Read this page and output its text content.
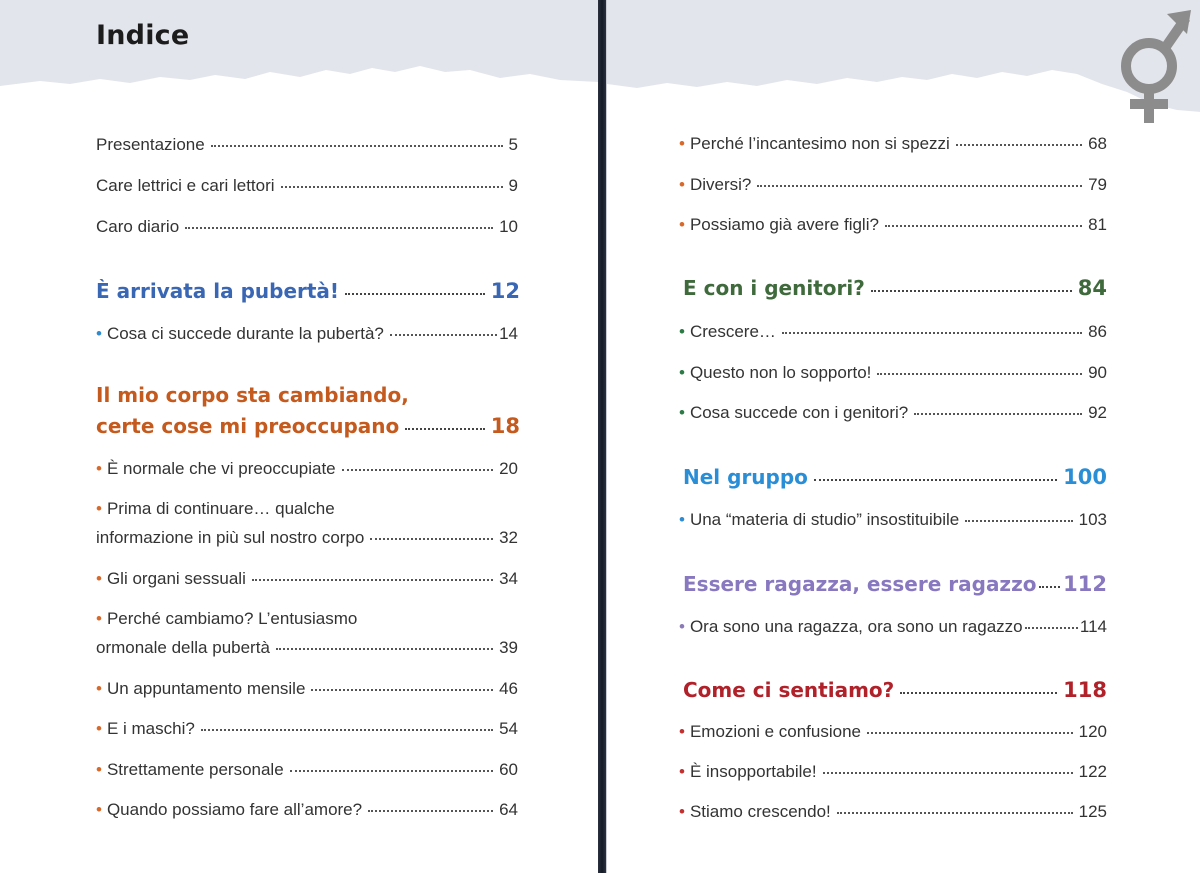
Indice
Presentazione	5
Care lettrici e cari lettori	9
Caro diario	10
È arrivata la pubertà!	12
• Cosa ci succede durante la pubertà?	14
Il mio corpo sta cambiando,
certe cose mi preoccupano	18
• È normale che vi preoccupiate	20
• Prima di continuare… qualche
informazione in più sul nostro corpo	32
• Gli organi sessuali	34
• Perché cambiamo? L’entusiasmo
ormonale della pubertà	39
• Un appuntamento mensile	46
• E i maschi?	54
• Strettamente personale	60
• Quando possiamo fare all’amore?	64
• Perché l’incantesimo non si spezzi	68
• Diversi?	79
• Possiamo già avere figli?	81
E con i genitori?	84
• Crescere…	86
• Questo non lo sopporto!	90
• Cosa succede con i genitori?	92
Nel gruppo	100
• Una “materia di studio” insostituibile	103
Essere ragazza, essere ragazzo 112
• Ora sono una ragazza, ora sono un ragazzo	114
Come ci sentiamo?	118
• Emozioni e confusione	120
• È insopportabile!	122
• Stiamo crescendo!	125
